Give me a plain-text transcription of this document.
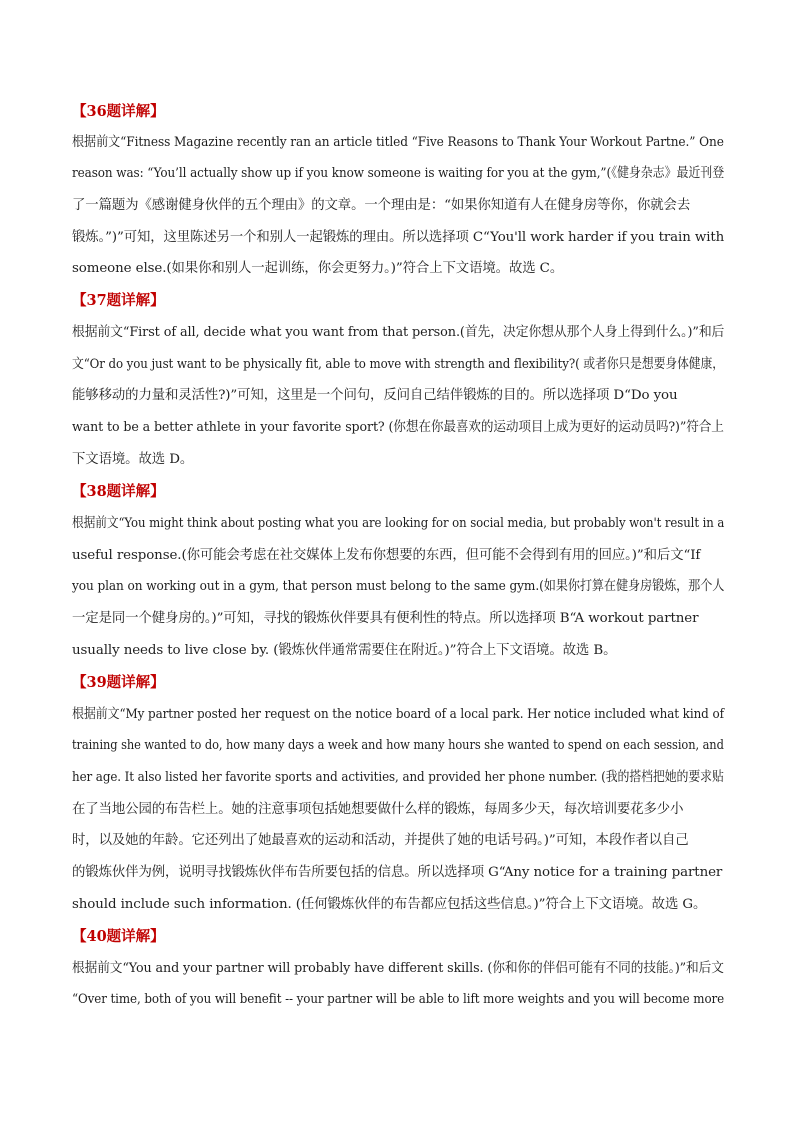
【36题详解】
根据前文“Fitness Magazine recently ran an article titled “Five Reasons to Thank Your Workout Partne.” One
reason was: “You’ll actually show up if you know someone is waiting for you at the gym,”(《健身杂志》最近刊登
了一篇题为《感谢健身伙伴的五个理由》的文章。一个理由是：“如果你知道有人在健身房等你，你就会去
锻炼。”)”可知，这里陈述另一个和别人一起锻炼的理由。所以选择项 C“You'll work harder if you train with
someone else.(如果你和别人一起训练，你会更努力。)”符合上下文语境。故选 C。
【37题详解】
根据前文“First of all, decide what you want from that person.(首先，决定你想从那个人身上得到什么。)”和后
文“Or do you just want to be physically fit, able to move with strength and flexibility?( 或者你只是想要身体健康，
能够移动的力量和灵活性?)”可知，这里是一个问句，反问自己结伴锻炼的目的。所以选择项 D“Do you
want to be a better athlete in your favorite sport? (你想在你最喜欢的运动项目上成为更好的运动员吗?)”符合上
下文语境。故选 D。
【38题详解】
根据前文“You might think about posting what you are looking for on social media, but probably won't result in a
useful response.(你可能会考虑在社交媒体上发布你想要的东西，但可能不会得到有用的回应。)”和后文“If
you plan on working out in a gym, that person must belong to the same gym.(如果你打算在健身房锻炼，那个人
一定是同一个健身房的。)”可知，寻找的锻炼伙伴要具有便利性的特点。所以选择项 B“A workout partner
usually needs to live close by. (锻炼伙伴通常需要住在附近。)”符合上下文语境。故选 B。
【39题详解】
根据前文“My partner posted her request on the notice board of a local park. Her notice included what kind of
training she wanted to do, how many days a week and how many hours she wanted to spend on each session, and
her age. It also listed her favorite sports and activities, and provided her phone number. (我的搭档把她的要求贴
在了当地公园的布告栏上。她的注意事项包括她想要做什么样的锻炼，每周多少天，每次培训要花多少小
时，以及她的年龄。它还列出了她最喜欢的运动和活动，并提供了她的电话号码。)”可知，本段作者以自己
的锻炼伙伴为例，说明寻找锻炼伙伴布告所要包括的信息。所以选择项 G“Any notice for a training partner
should include such information. (任何锻炼伙伴的布告都应包括这些信息。)”符合上下文语境。故选 G。
【40题详解】
根据前文“You and your partner will probably have different skills. (你和你的伴侣可能有不同的技能。)”和后文
“Over time, both of you will benefit -- your partner will be able to lift more weights and you will become more
